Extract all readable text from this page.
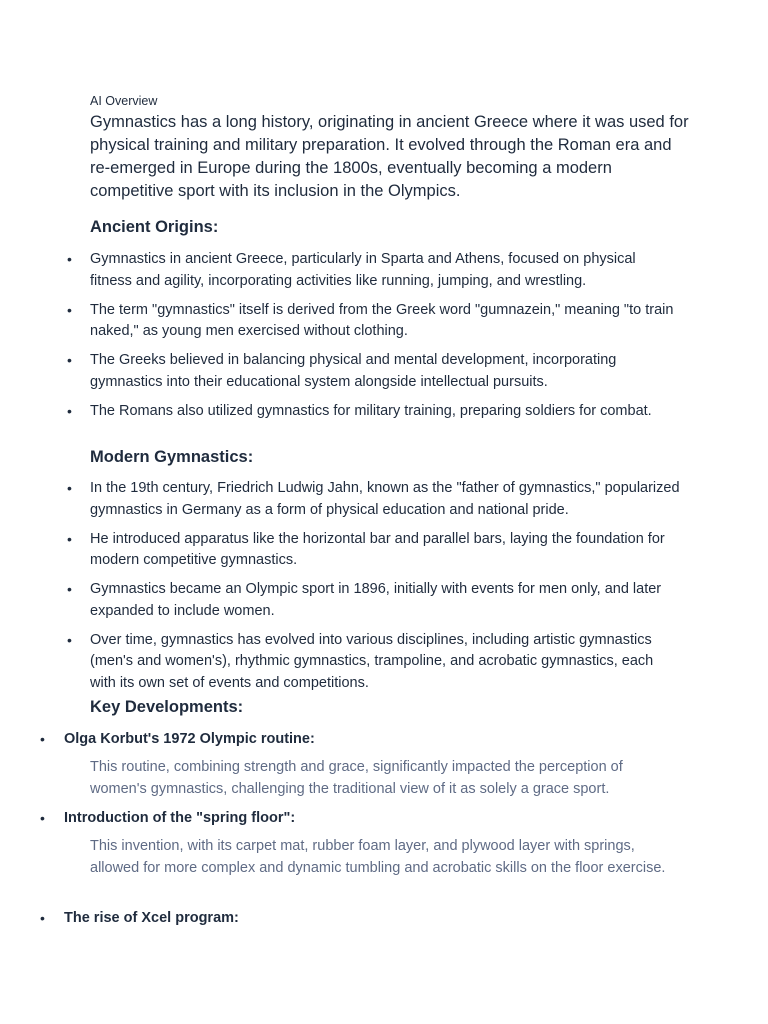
AI Overview

Gymnastics has a long history, originating in ancient Greece where it was used for physical training and military preparation. It evolved through the Roman era and re-emerged in Europe during the 1800s, eventually becoming a modern competitive sport with its inclusion in the Olympics.

Ancient Origins:
• Gymnastics in ancient Greece, particularly in Sparta and Athens, focused on physical fitness and agility, incorporating activities like running, jumping, and wrestling.
• The term "gymnastics" itself is derived from the Greek word "gumnazein," meaning "to train naked," as young men exercised without clothing.
• The Greeks believed in balancing physical and mental development, incorporating gymnastics into their educational system alongside intellectual pursuits.
• The Romans also utilized gymnastics for military training, preparing soldiers for combat.
Modern Gymnastics:
• In the 19th century, Friedrich Ludwig Jahn, known as the "father of gymnastics," popularized gymnastics in Germany as a form of physical education and national pride.
• He introduced apparatus like the horizontal bar and parallel bars, laying the foundation for modern competitive gymnastics.
• Gymnastics became an Olympic sport in 1896, initially with events for men only, and later expanded to include women.
• Over time, gymnastics has evolved into various disciplines, including artistic gymnastics (men's and women's), rhythmic gymnastics, trampoline, and acrobatic gymnastics, each with its own set of events and competitions.
Key Developments:
• Olga Korbut's 1972 Olympic routine:

This routine, combining strength and grace, significantly impacted the perception of women's gymnastics, challenging the traditional view of it as solely a grace sport.

• Introduction of the "spring floor":

This invention, with its carpet mat, rubber foam layer, and plywood layer with springs, allowed for more complex and dynamic tumbling and acrobatic skills on the floor exercise.

• The rise of Xcel program:
